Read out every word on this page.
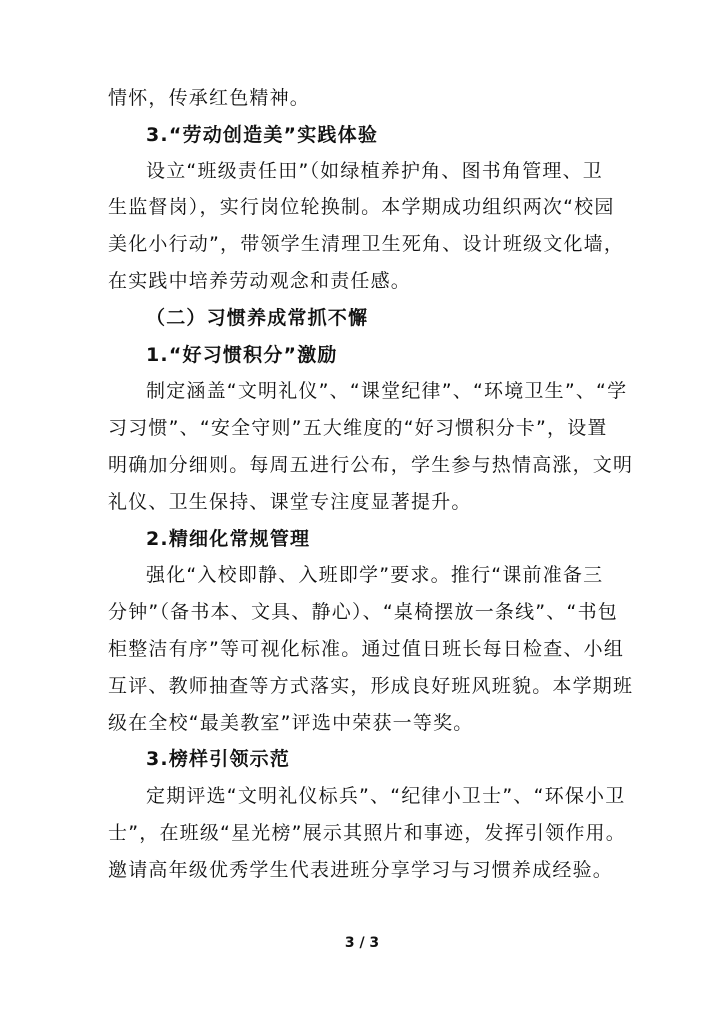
情怀，传承红色精神。
3.“劳动创造美”实践体验
设立“班级责任田”（如绿植养护角、图书角管理、卫
生监督岗），实行岗位轮换制。本学期成功组织两次“校园
美化小行动”，带领学生清理卫生死角、设计班级文化墙，
在实践中培养劳动观念和责任感。
（二）习惯养成常抓不懈
1.“好习惯积分”激励
制定涵盖“文明礼仪”、“课堂纪律”、“环境卫生”、“学
习习惯”、“安全守则”五大维度的“好习惯积分卡”，设置
明确加分细则。每周五进行公布，学生参与热情高涨，文明
礼仪、卫生保持、课堂专注度显著提升。
2.精细化常规管理
强化“入校即静、入班即学”要求。推行“课前准备三
分钟”（备书本、文具、静心）、“桌椅摆放一条线”、“书包
柜整洁有序”等可视化标准。通过值日班长每日检查、小组
互评、教师抽查等方式落实，形成良好班风班貌。本学期班
级在全校“最美教室”评选中荣获一等奖。
3.榜样引领示范
定期评选“文明礼仪标兵”、“纪律小卫士”、“环保小卫
士”，在班级“星光榜”展示其照片和事迹，发挥引领作用。
邀请高年级优秀学生代表进班分享学习与习惯养成经验。
3 / 3
